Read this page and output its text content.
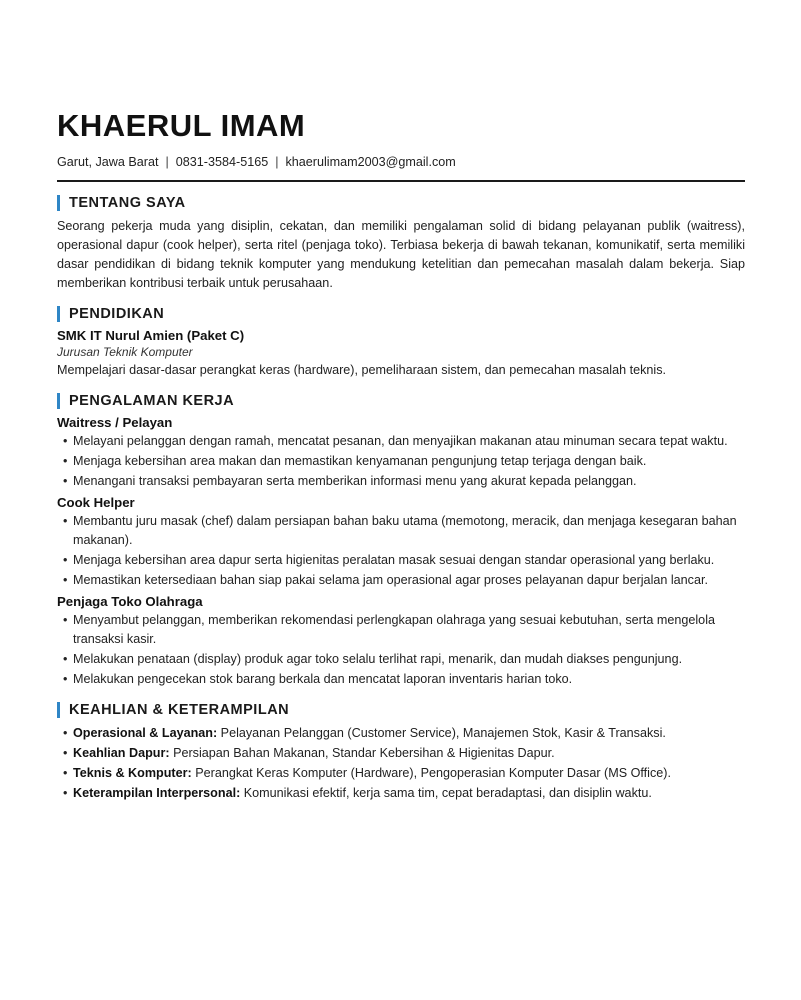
KHAERUL IMAM
Garut, Jawa Barat | 0831-3584-5165 | khaerulimam2003@gmail.com
TENTANG SAYA

Seorang pekerja muda yang disiplin, cekatan, dan memiliki pengalaman solid di bidang pelayanan publik (waitress), operasional dapur (cook helper), serta ritel (penjaga toko). Terbiasa bekerja di bawah tekanan, komunikatif, serta memiliki dasar pendidikan di bidang teknik komputer yang mendukung ketelitian dan pemecahan masalah dalam bekerja. Siap memberikan kontribusi terbaik untuk perusahaan.

PENDIDIKAN
SMK IT Nurul Amien (Paket C)
Jurusan Teknik Komputer

Mempelajari dasar-dasar perangkat keras (hardware), pemeliharaan sistem, dan pemecahan masalah teknis.

PENGALAMAN KERJA
Waitress / Pelayan
• Melayani pelanggan dengan ramah, mencatat pesanan, dan menyajikan makanan atau minuman secara tepat waktu.
• Menjaga kebersihan area makan dan memastikan kenyamanan pengunjung tetap terjaga dengan baik.
• Menangani transaksi pembayaran serta memberikan informasi menu yang akurat kepada pelanggan.
Cook Helper
• Membantu juru masak (chef) dalam persiapan bahan baku utama (memotong, meracik, dan menjaga kesegaran bahan makanan).
• Menjaga kebersihan area dapur serta higienitas peralatan masak sesuai dengan standar operasional yang berlaku.
• Memastikan ketersediaan bahan siap pakai selama jam operasional agar proses pelayanan dapur berjalan lancar.
Penjaga Toko Olahraga
• Menyambut pelanggan, memberikan rekomendasi perlengkapan olahraga yang sesuai kebutuhan, serta mengelola transaksi kasir.
• Melakukan penataan (display) produk agar toko selalu terlihat rapi, menarik, dan mudah diakses pengunjung.
• Melakukan pengecekan stok barang berkala dan mencatat laporan inventaris harian toko.
KEAHLIAN & KETERAMPILAN
• Operasional & Layanan: Pelayanan Pelanggan (Customer Service), Manajemen Stok, Kasir & Transaksi.
• Keahlian Dapur: Persiapan Bahan Makanan, Standar Kebersihan & Higienitas Dapur.
• Teknis & Komputer: Perangkat Keras Komputer (Hardware), Pengoperasian Komputer Dasar (MS Office).
• Keterampilan Interpersonal: Komunikasi efektif, kerja sama tim, cepat beradaptasi, dan disiplin waktu.
